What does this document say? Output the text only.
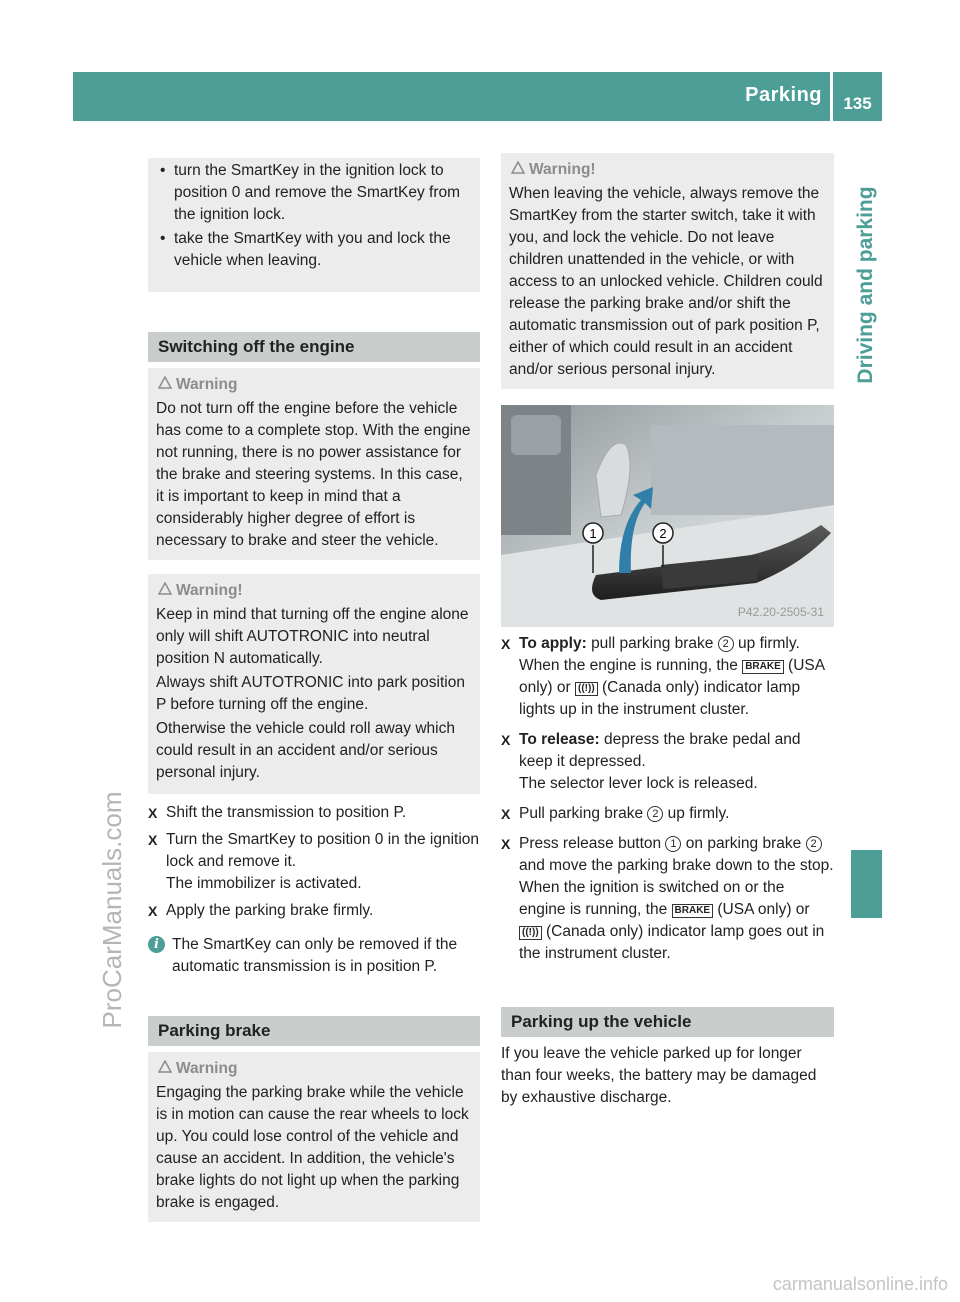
Parking	135
Driving and parking
ProCarManuals.com
carmanualsonline.info
• turn the SmartKey in the ignition lock to position 0 and remove the SmartKey from the ignition lock.
• take the SmartKey with you and lock the vehicle when leaving.
Switching off the engine
Warning
Do not turn off the engine before the vehicle has come to a complete stop. With the engine not running, there is no power assistance for the brake and steering systems. In this case, it is important to keep in mind that a considerably higher degree of effort is necessary to brake and steer the vehicle.
Warning!

Keep in mind that turning off the engine alone only will shift AUTOTRONIC into neutral position N automatically.

Always shift AUTOTRONIC into park position P before turning off the engine.

Otherwise the vehicle could roll away which could result in an accident and/or serious personal injury.

X Shift the transmission to position P.
X Turn the SmartKey to position 0 in the ignition lock and remove it.
The immobilizer is activated.
X Apply the parking brake firmly.
i The SmartKey can only be removed if the automatic transmission is in position P.
Parking brake
Warning
Engaging the parking brake while the vehicle is in motion can cause the rear wheels to lock up. You could lose control of the vehicle and cause an accident. In addition, the vehicle's brake lights do not light up when the parking brake is engaged.
Warning!
When leaving the vehicle, always remove the SmartKey from the starter switch, take it with you, and lock the vehicle. Do not leave children unattended in the vehicle, or with access to an unlocked vehicle. Children could release the parking brake and/or shift the automatic transmission out of park position P, either of which could result in an accident and/or serious personal injury.
1	2
P42.20-2505-31
X To apply: pull parking brake 2 up firmly. When the engine is running, the BRAKE (USA only) or ((!)) (Canada only) indicator lamp lights up in the instrument cluster.
X To release: depress the brake pedal and keep it depressed.
The selector lever lock is released.
X Pull parking brake 2 up firmly.
X Press release button 1 on parking brake 2 and move the parking brake down to the stop. When the ignition is switched on or the engine is running, the BRAKE (USA only) or ((!)) (Canada only) indicator lamp goes out in the instrument cluster.
Parking up the vehicle
If you leave the vehicle parked up for longer than four weeks, the battery may be damaged by exhaustive discharge.
